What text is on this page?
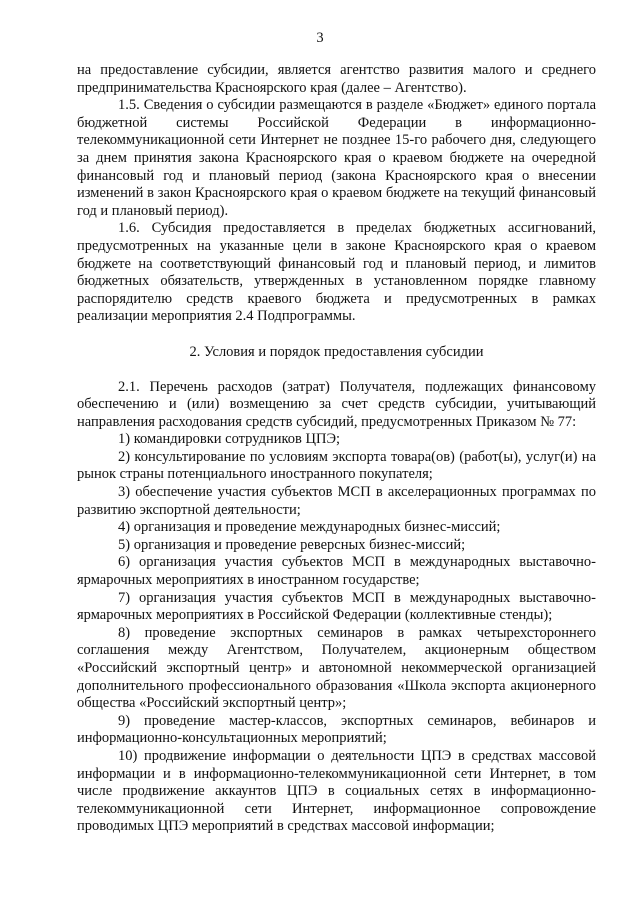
3

на предоставление субсидии, является агентство развития малого и среднего предпринимательства Красноярского края (далее – Агентство).

1.5. Сведения о субсидии размещаются в разделе «Бюджет» единого портала бюджетной системы Российской Федерации в информационно-телекоммуникационной сети Интернет не позднее 15-го рабочего дня, следующего за днем принятия закона Красноярского края о краевом бюджете на очередной финансовый год и плановый период (закона Красноярского края о внесении изменений в закон Красноярского края о краевом бюджете на текущий финансовый год и плановый период).

1.6. Субсидия предоставляется в пределах бюджетных ассигнований, предусмотренных на указанные цели в законе Красноярского края о краевом бюджете на соответствующий финансовый год и плановый период, и лимитов бюджетных обязательств, утвержденных в установленном порядке главному распорядителю средств краевого бюджета и предусмотренных в рамках реализации мероприятия 2.4 Подпрограммы.

2. Условия и порядок предоставления субсидии

2.1. Перечень расходов (затрат) Получателя, подлежащих финансовому обеспечению и (или) возмещению за счет средств субсидии, учитывающий направления расходования средств субсидий, предусмотренных Приказом № 77:

1) командировки сотрудников ЦПЭ;

2) консультирование по условиям экспорта товара(ов) (работ(ы), услуг(и) на рынок страны потенциального иностранного покупателя;

3) обеспечение участия субъектов МСП в акселерационных программах по развитию экспортной деятельности;

4) организация и проведение международных бизнес-миссий;

5) организация и проведение реверсных бизнес-миссий;

6) организация участия субъектов МСП в международных выставочно-ярмарочных мероприятиях в иностранном государстве;

7) организация участия субъектов МСП в международных выставочно-ярмарочных мероприятиях в Российской Федерации (коллективные стенды);

8) проведение экспортных семинаров в рамках четырехстороннего соглашения между Агентством, Получателем, акционерным обществом «Российский экспортный центр» и автономной некоммерческой организацией дополнительного профессионального образования «Школа экспорта акционерного общества «Российский экспортный центр»;

9) проведение мастер-классов, экспортных семинаров, вебинаров и информационно-консультационных мероприятий;

10) продвижение информации о деятельности ЦПЭ в средствах массовой информации и в информационно-телекоммуникационной сети Интернет, в том числе продвижение аккаунтов ЦПЭ в социальных сетях в информационно-телекоммуникационной сети Интернет, информационное сопровождение проводимых ЦПЭ мероприятий в средствах массовой информации;
